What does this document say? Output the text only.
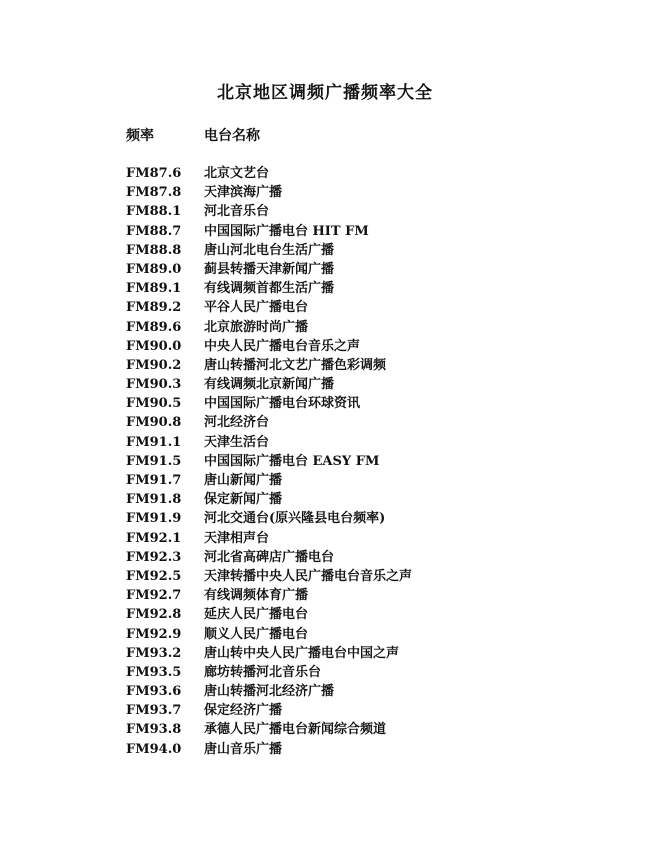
北京地区调频广播频率大全
频率	电台名称
FM87.6 北京文艺台
FM87.8 天津滨海广播
FM88.1 河北音乐台
FM88.7 中国国际广播电台 HIT FM
FM88.8 唐山河北电台生活广播
FM89.0 蓟县转播天津新闻广播
FM89.1 有线调频首都生活广播
FM89.2 平谷人民广播电台
FM89.6 北京旅游时尚广播
FM90.0 中央人民广播电台音乐之声
FM90.2 唐山转播河北文艺广播色彩调频
FM90.3 有线调频北京新闻广播
FM90.5 中国国际广播电台环球资讯
FM90.8 河北经济台
FM91.1 天津生活台
FM91.5 中国国际广播电台 EASY FM
FM91.7 唐山新闻广播
FM91.8 保定新闻广播
FM91.9 河北交通台(原兴隆县电台频率)
FM92.1 天津相声台
FM92.3 河北省高碑店广播电台
FM92.5 天津转播中央人民广播电台音乐之声
FM92.7 有线调频体育广播
FM92.8 延庆人民广播电台
FM92.9 顺义人民广播电台
FM93.2 唐山转中央人民广播电台中国之声
FM93.5 廊坊转播河北音乐台
FM93.6 唐山转播河北经济广播
FM93.7 保定经济广播
FM93.8 承德人民广播电台新闻综合频道
FM94.0 唐山音乐广播
